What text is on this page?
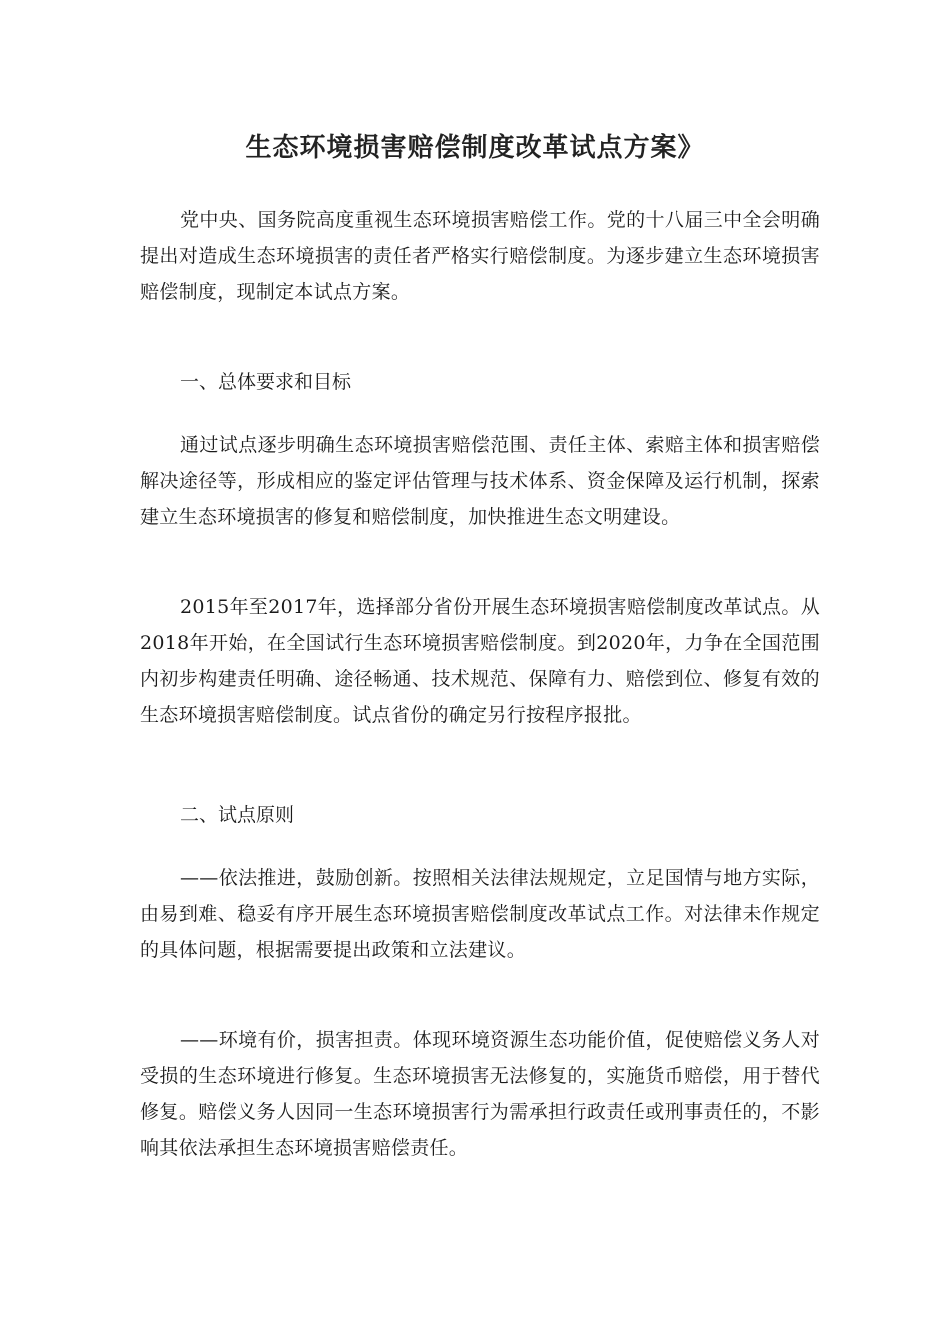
生态环境损害赔偿制度改革试点方案》

党中央、国务院高度重视生态环境损害赔偿工作。党的十八届三中全会明确提出对造成生态环境损害的责任者严格实行赔偿制度。为逐步建立生态环境损害赔偿制度，现制定本试点方案。

一、总体要求和目标

通过试点逐步明确生态环境损害赔偿范围、责任主体、索赔主体和损害赔偿解决途径等，形成相应的鉴定评估管理与技术体系、资金保障及运行机制，探索建立生态环境损害的修复和赔偿制度，加快推进生态文明建设。

2015年至2017年，选择部分省份开展生态环境损害赔偿制度改革试点。从2018年开始，在全国试行生态环境损害赔偿制度。到2020年，力争在全国范围内初步构建责任明确、途径畅通、技术规范、保障有力、赔偿到位、修复有效的生态环境损害赔偿制度。试点省份的确定另行按程序报批。

二、试点原则

——依法推进，鼓励创新。按照相关法律法规规定，立足国情与地方实际，由易到难、稳妥有序开展生态环境损害赔偿制度改革试点工作。对法律未作规定的具体问题，根据需要提出政策和立法建议。

——环境有价，损害担责。体现环境资源生态功能价值，促使赔偿义务人对受损的生态环境进行修复。生态环境损害无法修复的，实施货币赔偿，用于替代修复。赔偿义务人因同一生态环境损害行为需承担行政责任或刑事责任的，不影响其依法承担生态环境损害赔偿责任。
